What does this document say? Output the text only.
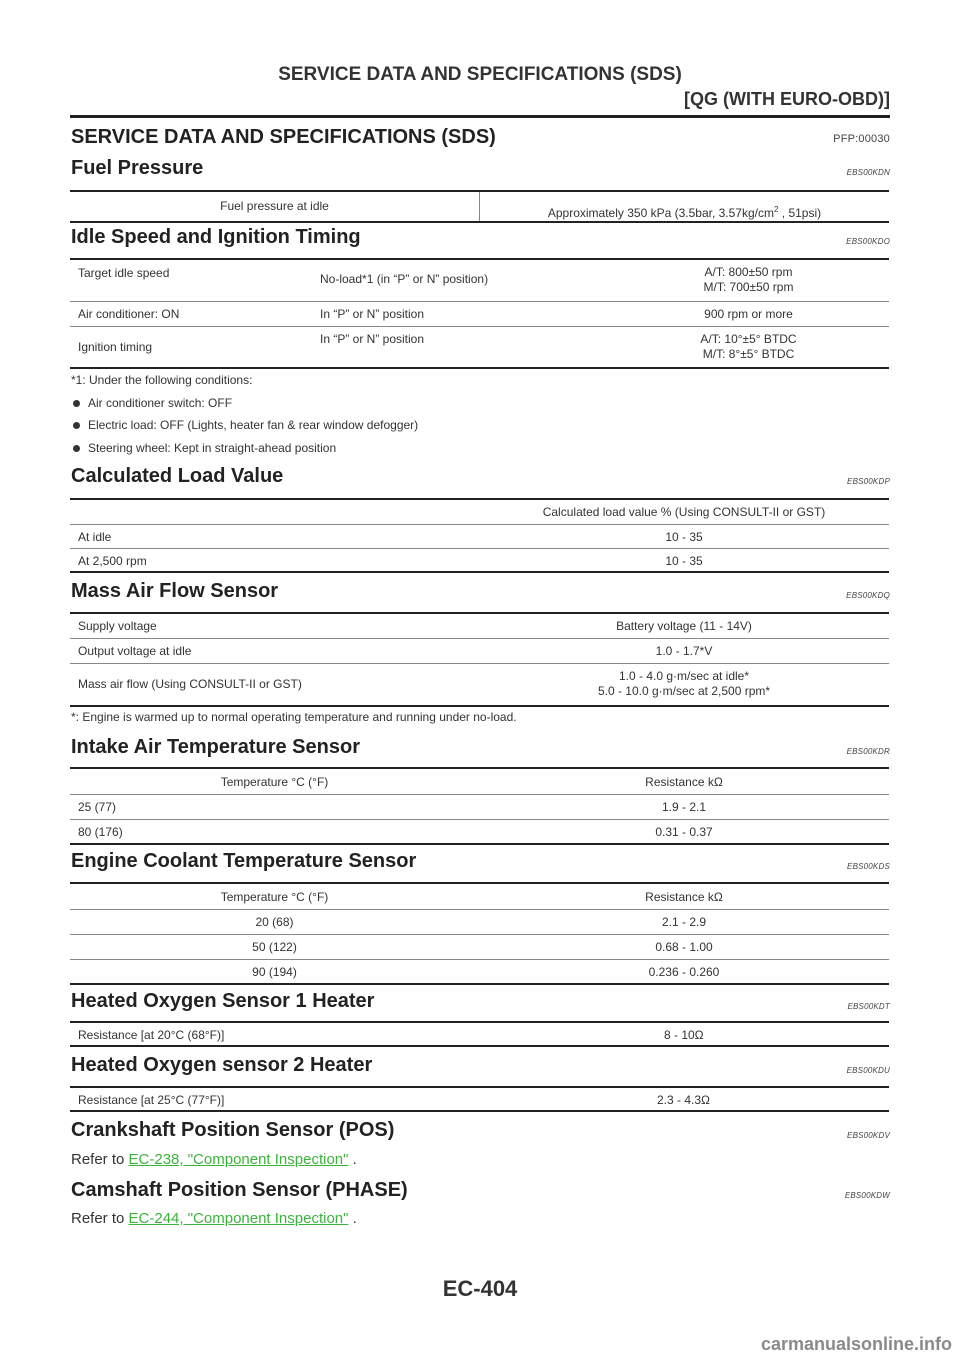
SERVICE DATA AND SPECIFICATIONS (SDS)
[QG (WITH EURO-OBD)]
SERVICE DATA AND SPECIFICATIONS (SDS)	PFP:00030
Fuel Pressure	EBS00KDN
Fuel pressure at idle	Approximately 350 kPa (3.5bar, $3.57kg/cm^2$ , 51psi)
Idle Speed and Ignition Timing	EBS00KDO
Target idle speed	No-load*1 (in “P” or N” position)	A/T: 800±50 rpm
M/T: 700±50 rpm

Air conditioner: ON	In “P” or N” position	900 rpm or more
Ignition timing	In “P” or N” position	A/T: 10°±5° BTDC
M/T: 8°±5° BTDC
*1: Under the following conditions:
Air conditioner switch: OFF
Electric load: OFF (Lights, heater fan & rear window defogger)
Steering wheel: Kept in straight-ahead position
Calculated Load Value	EBS00KDP
	Calculated load value % (Using CONSULT-II or GST)
At idle	10 - 35
At 2,500 rpm	10 - 35
Mass Air Flow Sensor	EBS00KDQ
Supply voltage	Battery voltage (11 - 14V)
Output voltage at idle	1.0 - 1.7*V
Mass air flow (Using CONSULT-II or GST)	1.0 - 4.0 g·m/sec at idle*
5.0 - 10.0 g·m/sec at 2,500 rpm*
*: Engine is warmed up to normal operating temperature and running under no-load.
Intake Air Temperature Sensor	EBS00KDR
Temperature °C (°F)	Resistance kΩ
25 (77)	1.9 - 2.1
80 (176)	0.31 - 0.37
Engine Coolant Temperature Sensor	EBS00KDS
Temperature °C (°F)	Resistance kΩ
20 (68)	2.1 - 2.9
50 (122)	0.68 - 1.00
90 (194)	0.236 - 0.260
Heated Oxygen Sensor 1 Heater	EBS00KDT
Resistance [at 20°C (68°F)]	8 - 10Ω
Heated Oxygen sensor 2 Heater	EBS00KDU
Resistance [at 25°C (77°F)]	2.3 - 4.3Ω
Crankshaft Position Sensor (POS)	EBS00KDV
Refer to EC-238, "Component Inspection" .
Camshaft Position Sensor (PHASE)	EBS00KDW
Refer to EC-244, "Component Inspection" .
EC-404
carmanualsonline.info
